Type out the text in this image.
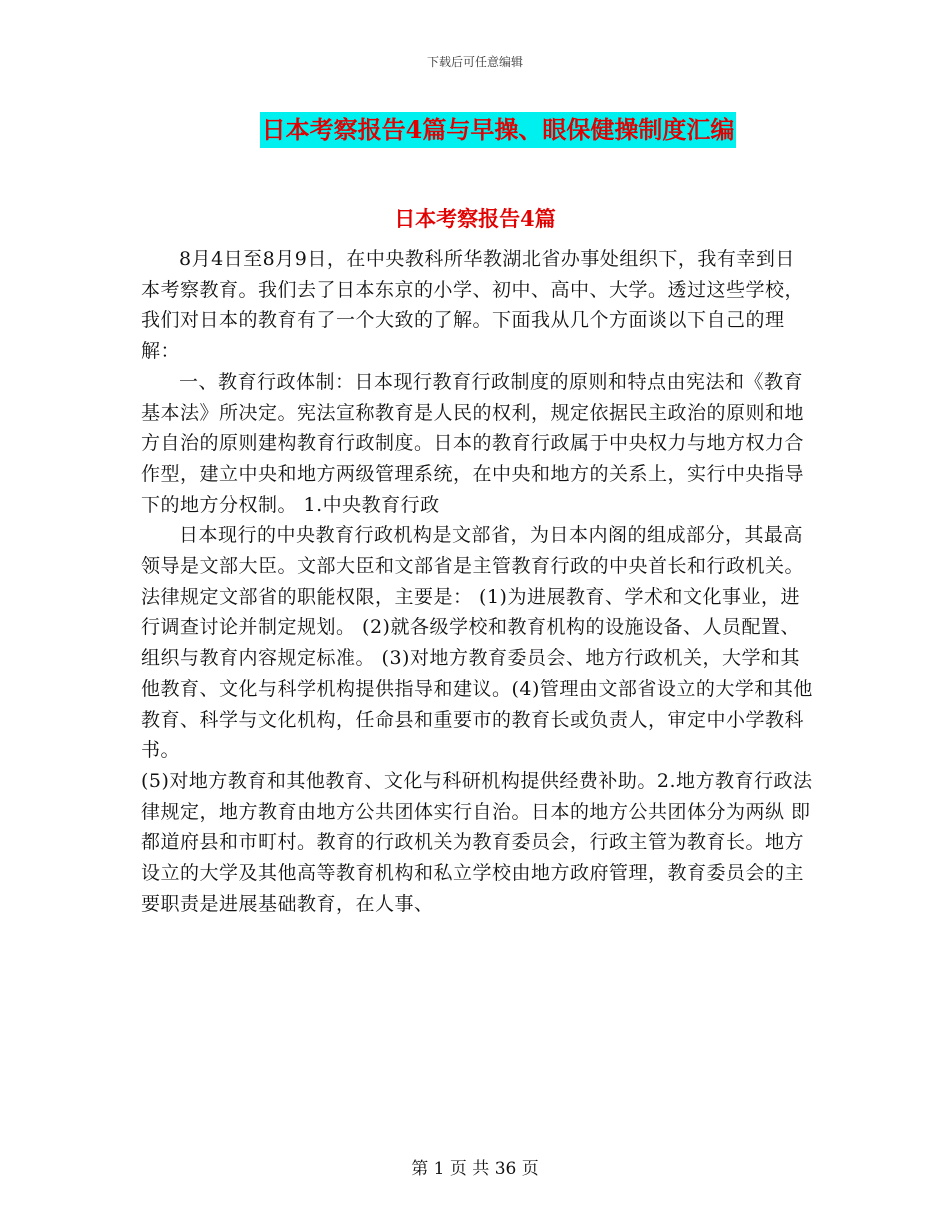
下载后可任意编辑
日本考察报告4篇与早操、眼保健操制度汇编
日本考察报告4篇

8月4日至8月9日，在中央教科所华教湖北省办事处组织下，我有幸到日本考察教育。我们去了日本东京的小学、初中、高中、大学。透过这些学校，我们对日本的教育有了一个大致的了解。下面我从几个方面谈以下自己的理解：

一、教育行政体制：日本现行教育行政制度的原则和特点由宪法和《教育基本法》所决定。宪法宣称教育是人民的权利，规定依据民主政治的原则和地方自治的原则建构教育行政制度。日本的教育行政属于中央权力与地方权力合作型，建立中央和地方两级管理系统，在中央和地方的关系上，实行中央指导下的地方分权制。 1.中央教育行政

日本现行的中央教育行政机构是文部省，为日本内阁的组成部分，其最高领导是文部大臣。文部大臣和文部省是主管教育行政的中央首长和行政机关。法律规定文部省的职能权限，主要是： (1)为进展教育、学术和文化事业，进行调查讨论并制定规划。 (2)就各级学校和教育机构的设施设备、人员配置、组织与教育内容规定标准。 (3)对地方教育委员会、地方行政机关，大学和其他教育、文化与科学机构提供指导和建议。(4)管理由文部省设立的大学和其他教育、科学与文化机构，任命县和重要市的教育长或负责人，审定中小学教科书。

(5)对地方教育和其他教育、文化与科研机构提供经费补助。2.地方教育行政法律规定，地方教育由地方公共团体实行自治。日本的地方公共团体分为两纵 即都道府县和市町村。教育的行政机关为教育委员会，行政主管为教育长。地方设立的大学及其他高等教育机构和私立学校由地方政府管理，教育委员会的主要职责是进展基础教育，在人事、

第 1 页 共 36 页
